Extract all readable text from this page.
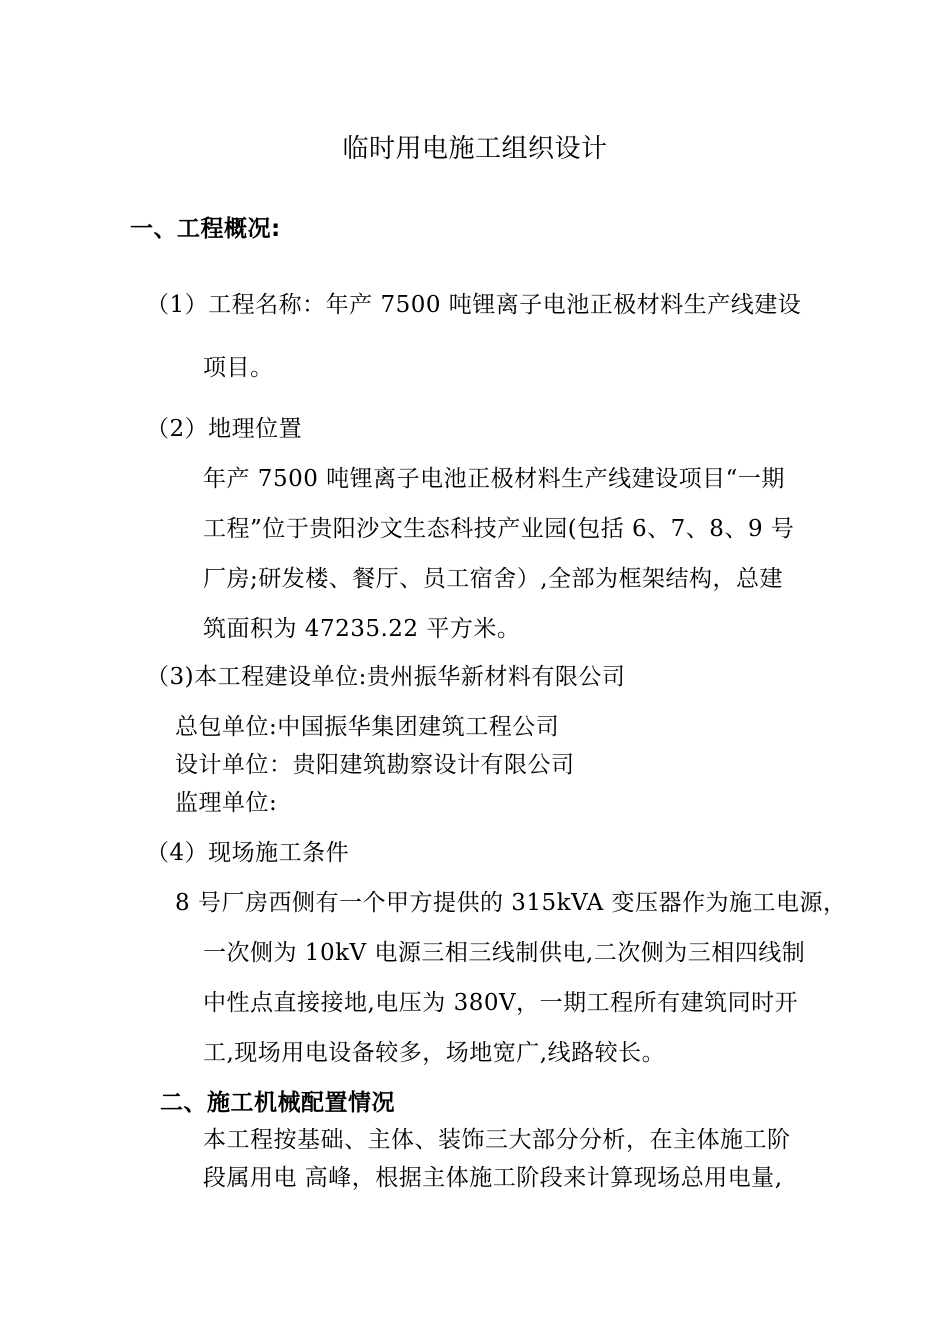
临时用电施工组织设计
一、工程概况:
（1）工程名称：年产 7500 吨锂离子电池正极材料生产线建设
项目。
（2）地理位置
年产 7500 吨锂离子电池正极材料生产线建设项目“一期
工程”位于贵阳沙文生态科技产业园(包括 6、7、8、9 号
厂房;研发楼、餐厅、员工宿舍）,全部为框架结构，总建
筑面积为 47235.22 平方米。
（3)本工程建设单位:贵州振华新材料有限公司
总包单位:中国振华集团建筑工程公司
设计单位：贵阳建筑勘察设计有限公司
监理单位:
（4）现场施工条件
8 号厂房西侧有一个甲方提供的 315kVA 变压器作为施工电源，
一次侧为 10kV 电源三相三线制供电,二次侧为三相四线制
中性点直接接地,电压为 380V，一期工程所有建筑同时开
工,现场用电设备较多，场地宽广,线路较长。
二、施工机械配置情况
本工程按基础、主体、装饰三大部分分析，在主体施工阶
段属用电 高峰，根据主体施工阶段来计算现场总用电量,
